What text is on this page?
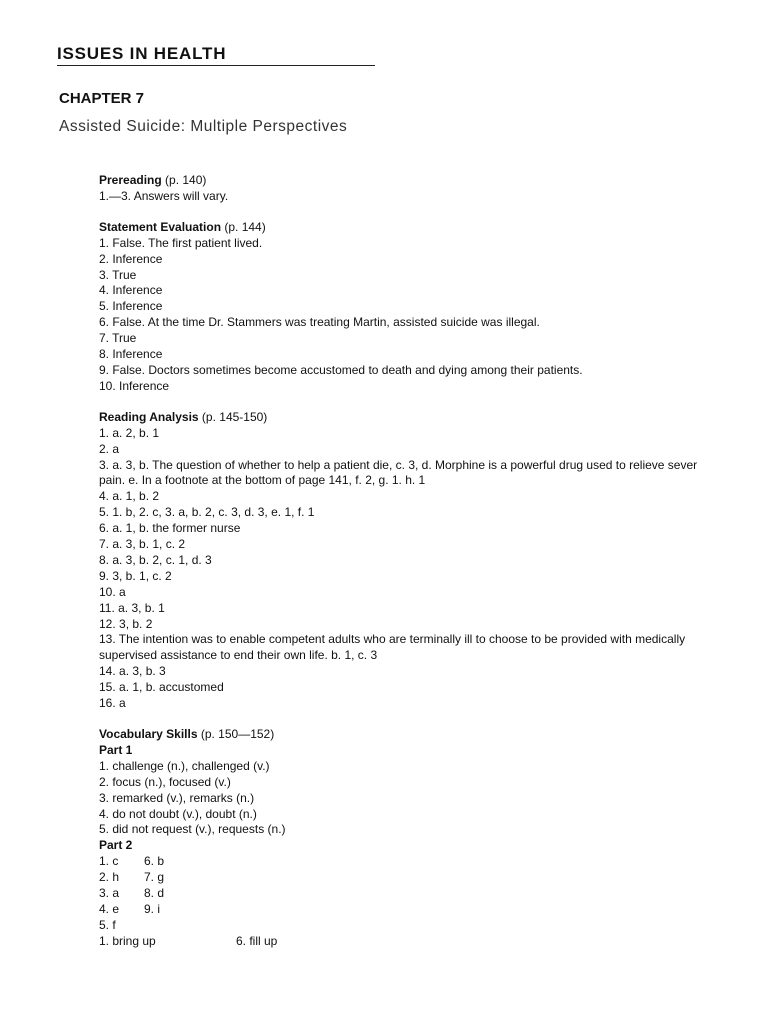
ISSUES IN HEALTH
CHAPTER 7
Assisted Suicide: Multiple Perspectives
Prereading (p. 140)
1.—3. Answers will vary.
Statement Evaluation (p. 144)
1. False. The first patient lived.
2. Inference
3. True
4. Inference
5. Inference
6. False. At the time Dr. Stammers was treating Martin, assisted suicide was illegal.
7. True
8. Inference
9. False. Doctors sometimes become accustomed to death and dying among their patients.
10. Inference
Reading Analysis (p. 145-150)
1. a. 2, b. 1
2. a
3. a. 3, b. The question of whether to help a patient die, c. 3, d. Morphine is a powerful drug used to relieve sever pain. e. In a footnote at the bottom of page 141, f. 2, g. 1. h. 1
4. a. 1, b. 2
5. 1. b, 2. c, 3. a, b. 2, c. 3, d. 3, e. 1, f. 1
6. a. 1, b. the former nurse
7. a. 3, b. 1, c. 2
8. a. 3, b. 2, c. 1, d. 3
9. 3, b. 1, c. 2
10. a
11. a. 3, b. 1
12. 3, b. 2
13. The intention was to enable competent adults who are terminally ill to choose to be provided with medically supervised assistance to end their own life. b. 1, c. 3
14. a. 3, b. 3
15. a. 1, b. accustomed
16. a
Vocabulary Skills (p. 150—152)
Part 1
1. challenge (n.), challenged (v.)
2. focus (n.), focused (v.)
3. remarked (v.), remarks (n.)
4. do not doubt (v.), doubt (n.)
5. did not request (v.), requests (n.)
Part 2
1. c 6. b
2. h 7. g
3. a 8. d
4. e 9. i
5. f
1. bring up	6. fill up
